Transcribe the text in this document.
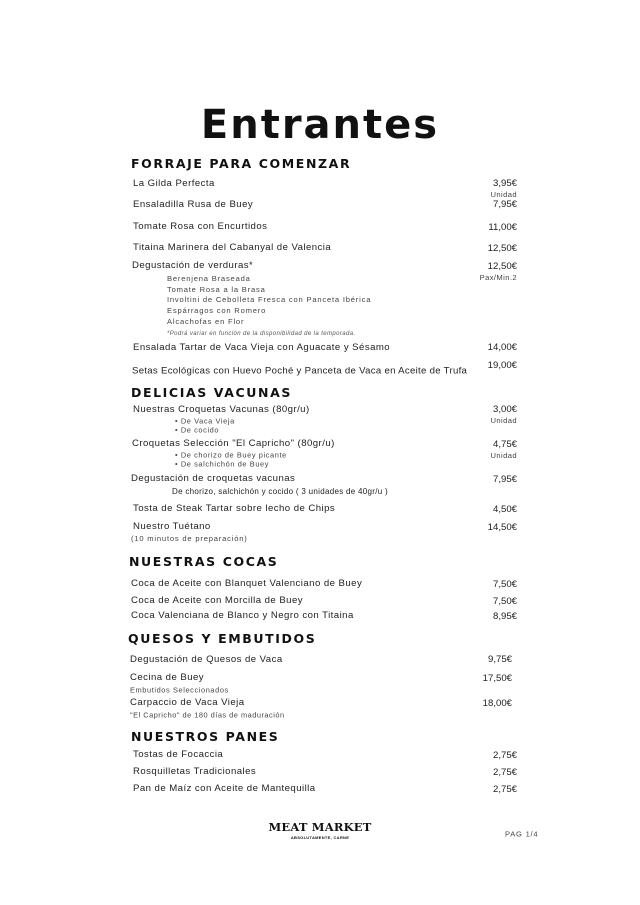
Entrantes
FORRAJE PARA COMENZAR
La Gilda Perfecta	3,95€
Unidad
Ensaladilla Rusa de Buey	7,95€
Tomate Rosa con Encurtidos	11,00€
Titaina Marinera del Cabanyal de Valencia	12,50€
Degustación de verduras*	12,50€
Pax/Min.2
Berenjena Braseada
Tomate Rosa a la Brasa
Involtini de Cebolleta Fresca con Panceta Ibérica
Espárragos con Romero
Alcachofas en Flor
*Podrá variar en función de la disponibilidad de la temporada.
Ensalada Tartar de Vaca Vieja con Aguacate y Sésamo	14,00€
Setas Ecológicas con Huevo Poché y Panceta de Vaca en Aceite de Trufa	19,00€
DELICIAS VACUNAS
Nuestras Croquetas Vacunas (80gr/u)	3,00€
Unidad
• De Vaca Vieja
• De cocido
Croquetas Selección "El Capricho" (80gr/u)	4,75€
Unidad
• De chorizo de Buey picante
• De salchichón de Buey
Degustación de croquetas vacunas	7,95€
De chorizo, salchichón y cocido ( 3 unidades de 40gr/u )
Tosta de Steak Tartar sobre lecho de Chips	4,50€
Nuestro Tuétano	14,50€
(10 minutos de preparación)
NUESTRAS COCAS
Coca de Aceite con Blanquet Valenciano de Buey	7,50€
Coca de Aceite con Morcilla de Buey	7,50€
Coca Valenciana de Blanco y Negro con Titaina	8,95€
QUESOS Y EMBUTIDOS
Degustación de Quesos de Vaca	9,75€
Cecina de Buey	17,50€
Embutidos Seleccionados
Carpaccio de Vaca Vieja	18,00€
"El Capricho" de 180 días de maduración
NUESTROS PANES
Tostas de Focaccia	2,75€
Rosquilletas Tradicionales	2,75€
Pan de Maíz con Aceite de Mantequilla	2,75€
MEAT MARKET
ABSOLUTAMENTE, CARNE	PAG 1/4
